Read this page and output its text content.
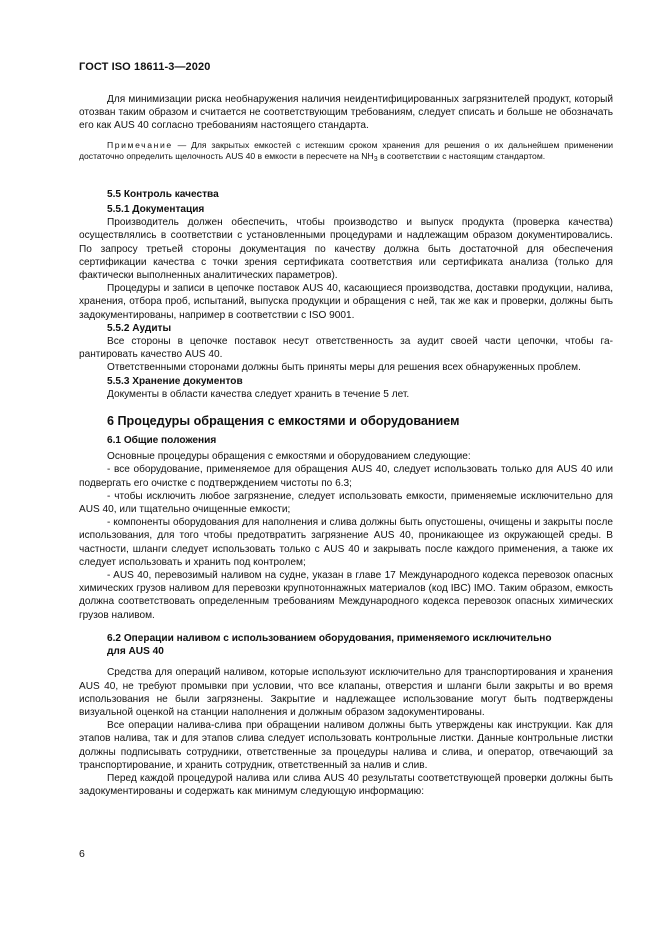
ГОСТ ISO 18611-3—2020

Для минимизации риска необнаружения наличия неидентифицированных загрязнителей продукт, который отозван таким образом и считается не соответствующим требованиям, следует списать и больше не обозначать его как AUS 40 согласно требованиям настоящего стандарта.

Примечание — Для закрытых емкостей с истекшим сроком хранения для решения о их дальнейшем применении достаточно определить щелочность AUS 40 в емкости в пересчете на $NH_3$ в соответствии с настоящим стандартом.

5.5 Контроль качества
5.5.1 Документация

Производитель должен обеспечить, чтобы производство и выпуск продукта (проверка качества) осуществлялись в соответствии с установленными процедурами и надлежащим образом документировались. По запросу третьей стороны документация по качеству должна быть достаточной для обеспечения сертификации качества с точки зрения сертификата соответствия или сертификата анализа (только для фактически выполненных аналитических параметров).

Процедуры и записи в цепочке поставок AUS 40, касающиеся производства, доставки продукции, налива, хранения, отбора проб, испытаний, выпуска продукции и обращения с ней, так же как и проверки, должны быть задокументированы, например в соответствии с ISO 9001.

5.5.2 Аудиты

Все стороны в цепочке поставок несут ответственность за аудит своей части цепочки, чтобы гарантировать качество AUS 40.

Ответственными сторонами должны быть приняты меры для решения всех обнаруженных проблем.

5.5.3 Хранение документов

Документы в области качества следует хранить в течение 5 лет.

6 Процедуры обращения с емкостями и оборудованием
6.1 Общие положения

Основные процедуры обращения с емкостями и оборудованием следующие:

- все оборудование, применяемое для обращения AUS 40, следует использовать только для AUS 40 или подвергать его очистке с подтверждением чистоты по 6.3;

- чтобы исключить любое загрязнение, следует использовать емкости, применяемые исключительно для AUS 40, или тщательно очищенные емкости;

- компоненты оборудования для наполнения и слива должны быть опустошены, очищены и закрыты после использования, для того чтобы предотвратить загрязнение AUS 40, проникающее из окружающей среды. В частности, шланги следует использовать только с AUS 40 и закрывать после каждого применения, а также их следует использовать и хранить под контролем;

- AUS 40, перевозимый наливом на судне, указан в главе 17 Международного кодекса перевозок опасных химических грузов наливом для перевозки крупнотоннажных материалов (код IBC) IMO. Таким образом, емкость должна соответствовать определенным требованиям Международного кодекса перевозок опасных химических грузов наливом.

6.2 Операции наливом с использованием оборудования, применяемого исключительно
для AUS 40

Средства для операций наливом, которые используют исключительно для транспортирования и хранения AUS 40, не требуют промывки при условии, что все клапаны, отверстия и шланги были закрыты и во время использования не были загрязнены. Закрытие и надлежащее использование могут быть подтверждены визуальной оценкой на станции наполнения и должным образом задокументированы.

Все операции налива-слива при обращении наливом должны быть утверждены как инструкции. Как для этапов налива, так и для этапов слива следует использовать контрольные листки. Данные контрольные листки должны подписывать сотрудники, ответственные за процедуры налива и слива, и оператор, отвечающий за транспортирование, и хранить сотрудник, ответственный за налив и слив.

Перед каждой процедурой налива или слива AUS 40 результаты соответствующей проверки должны быть задокументированы и содержать как минимум следующую информацию:

6
